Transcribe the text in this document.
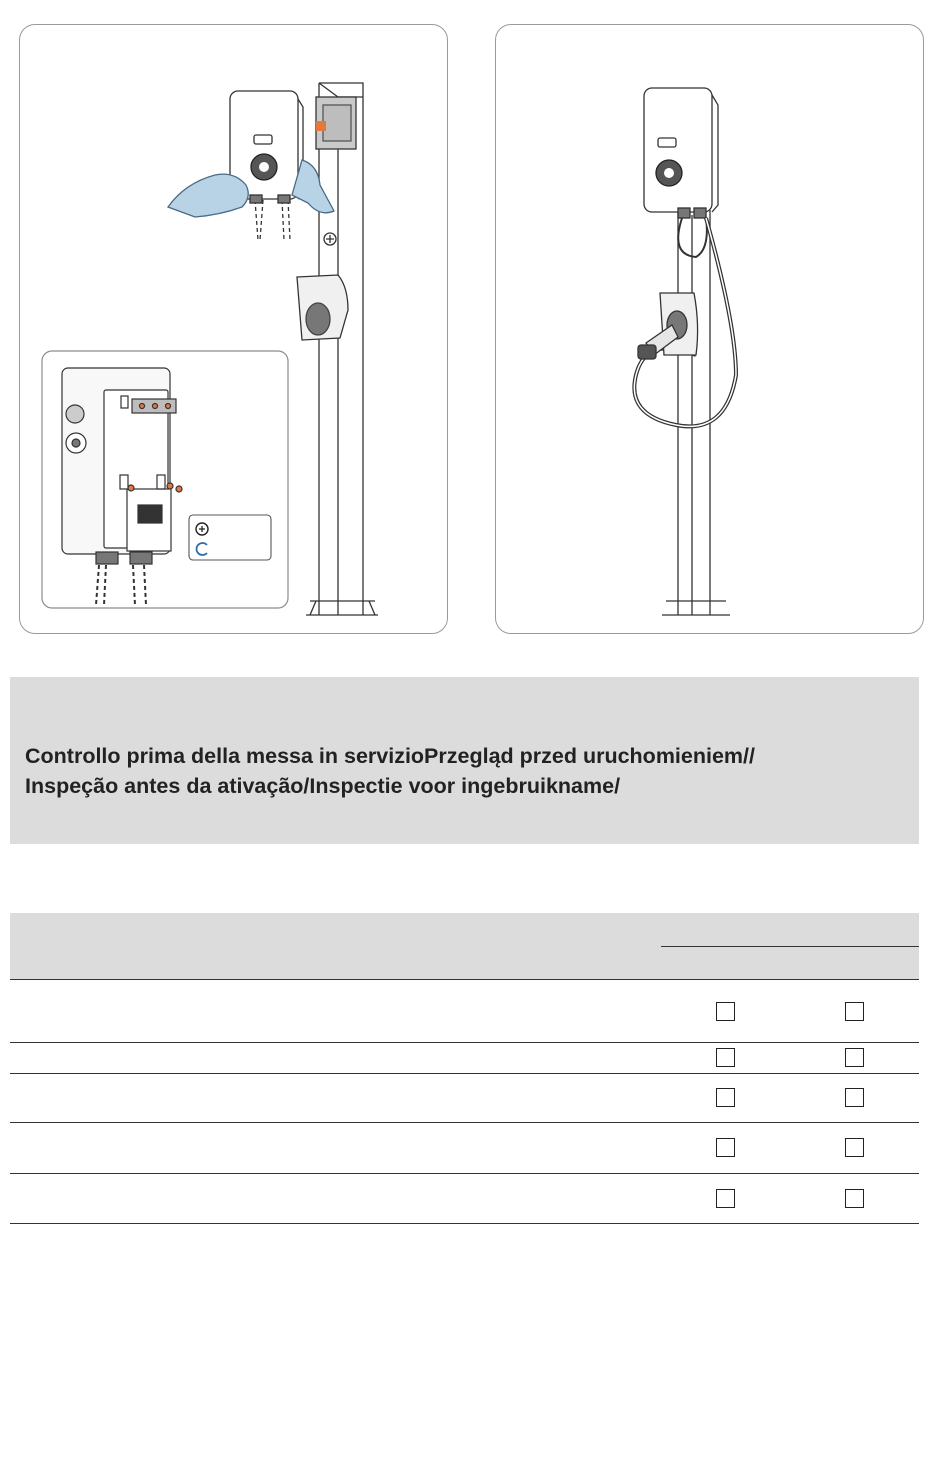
Controllo prima della messa in servizioPrzegląd przed uruchomieniem//
Inspeção antes da ativação/Inspectie voor ingebruikname/
